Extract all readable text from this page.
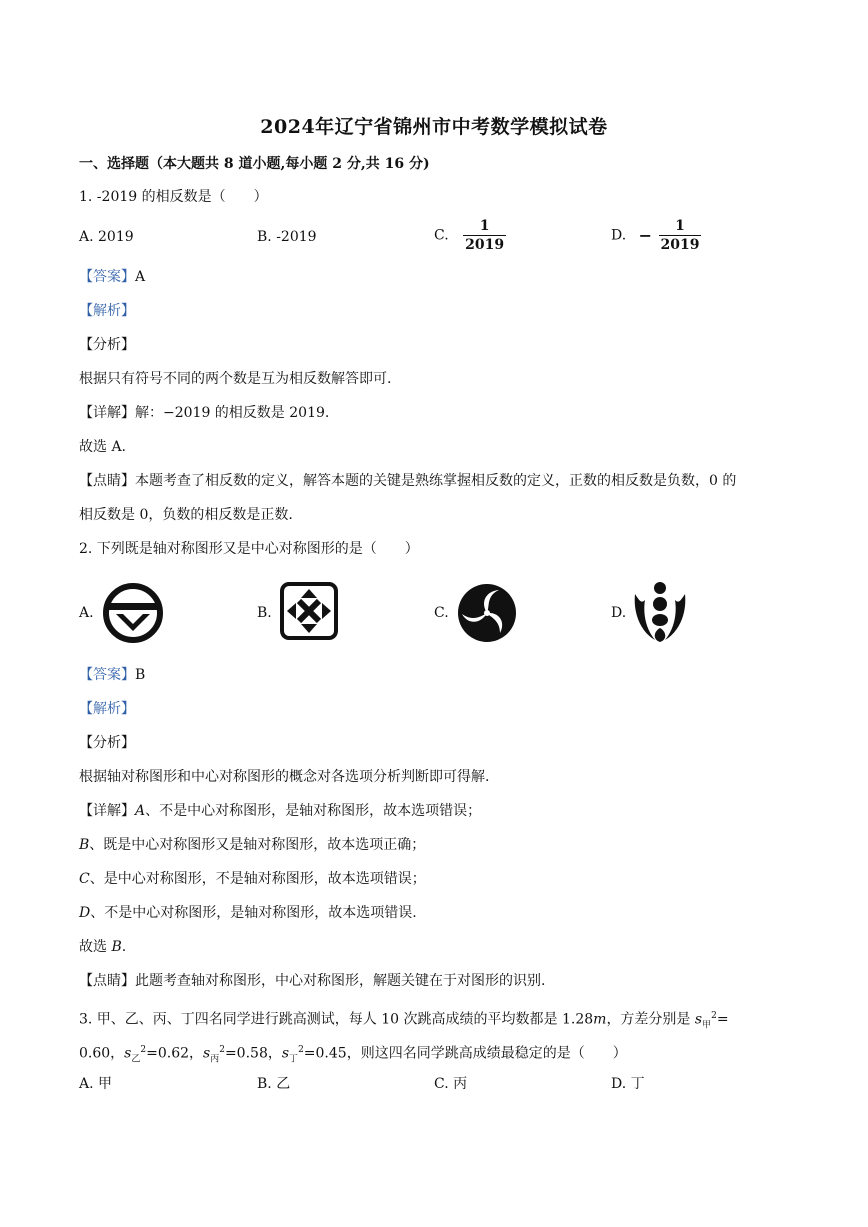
2024年辽宁省锦州市中考数学模拟试卷
一、选择题（本大题共 8 道小题,每小题 2 分,共 16 分)
1. -2019 的相反数是（　　）
A. 2019	B. -2019	C. $\frac{1}{2019}$	D. − $\frac{1}{2019}$
【答案】A
【解析】
【分析】
根据只有符号不同的两个数是互为相反数解答即可.
【详解】解：−2019 的相反数是 2019.
故选 A.
【点睛】本题考查了相反数的定义，解答本题的关键是熟练掌握相反数的定义，正数的相反数是负数，0 的
相反数是 0，负数的相反数是正数.
2. 下列既是轴对称图形又是中心对称图形的是（　　）
A.	B.	C.	D.
【答案】B
【解析】
【分析】
根据轴对称图形和中心对称图形的概念对各选项分析判断即可得解.
【详解】A、不是中心对称图形，是轴对称图形，故本选项错误；
B、既是中心对称图形又是轴对称图形，故本选项正确；
C、是中心对称图形，不是轴对称图形，故本选项错误；
D、不是中心对称图形，是轴对称图形，故本选项错误.
故选 B.
【点睛】此题考查轴对称图形，中心对称图形，解题关键在于对图形的识别.
3. 甲、乙、丙、丁四名同学进行跳高测试，每人 10 次跳高成绩的平均数都是 1.28m，方差分别是 $s_甲^2=$
0.60，$s_乙^2=0.62$，$s_丙^2=0.58$，$s_丁^2=0.45$，则这四名同学跳高成绩最稳定的是（　　）
A. 甲	B. 乙	C. 丙	D. 丁
